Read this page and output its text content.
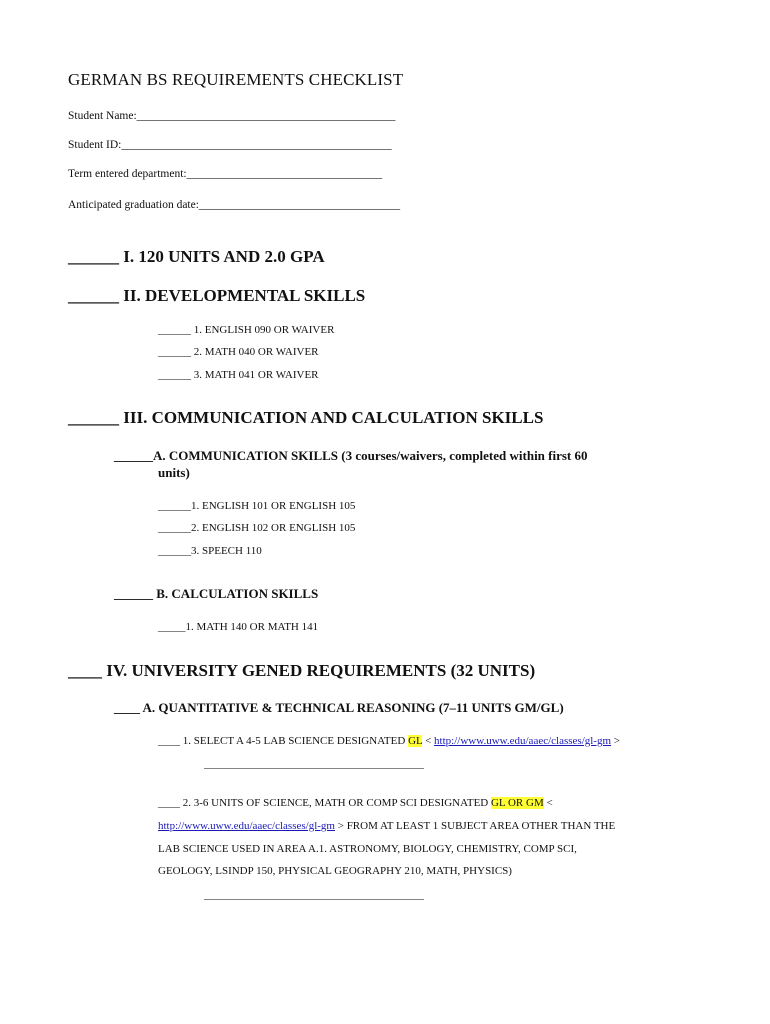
GERMAN BS REQUIREMENTS CHECKLIST
Student Name:_____________________________________________
Student ID:_______________________________________________
Term entered department:__________________________________
Anticipated graduation date:___________________________________
______ I. 120 UNITS AND 2.0 GPA
______ II. DEVELOPMENTAL SKILLS
______ 1. ENGLISH 090 OR WAIVER
______ 2. MATH 040 OR WAIVER
______ 3. MATH 041 OR WAIVER
______ III. COMMUNICATION AND CALCULATION SKILLS
______A. COMMUNICATION SKILLS (3 courses/waivers, completed within first 60
units)
______1. ENGLISH 101 OR ENGLISH 105
______2. ENGLISH 102 OR ENGLISH 105
______3. SPEECH 110
______ B. CALCULATION SKILLS
_____1. MATH 140 OR MATH 141
____ IV. UNIVERSITY GENED REQUIREMENTS (32 UNITS)
____ A. QUANTITATIVE & TECHNICAL REASONING (7–11 UNITS GM/GL)
____ 1. SELECT A 4-5 LAB SCIENCE DESIGNATED GL < http://www.uww.edu/aaec/classes/gl-gm >
________________________________________
____ 2. 3-6 UNITS OF SCIENCE, MATH OR COMP SCI DESIGNATED GL OR GM <
http://www.uww.edu/aaec/classes/gl-gm > FROM AT LEAST 1 SUBJECT AREA OTHER THAN THE
LAB SCIENCE USED IN AREA A.1. ASTRONOMY, BIOLOGY, CHEMISTRY, COMP SCI,
GEOLOGY, LSINDP 150, PHYSICAL GEOGRAPHY 210, MATH, PHYSICS)
________________________________________
